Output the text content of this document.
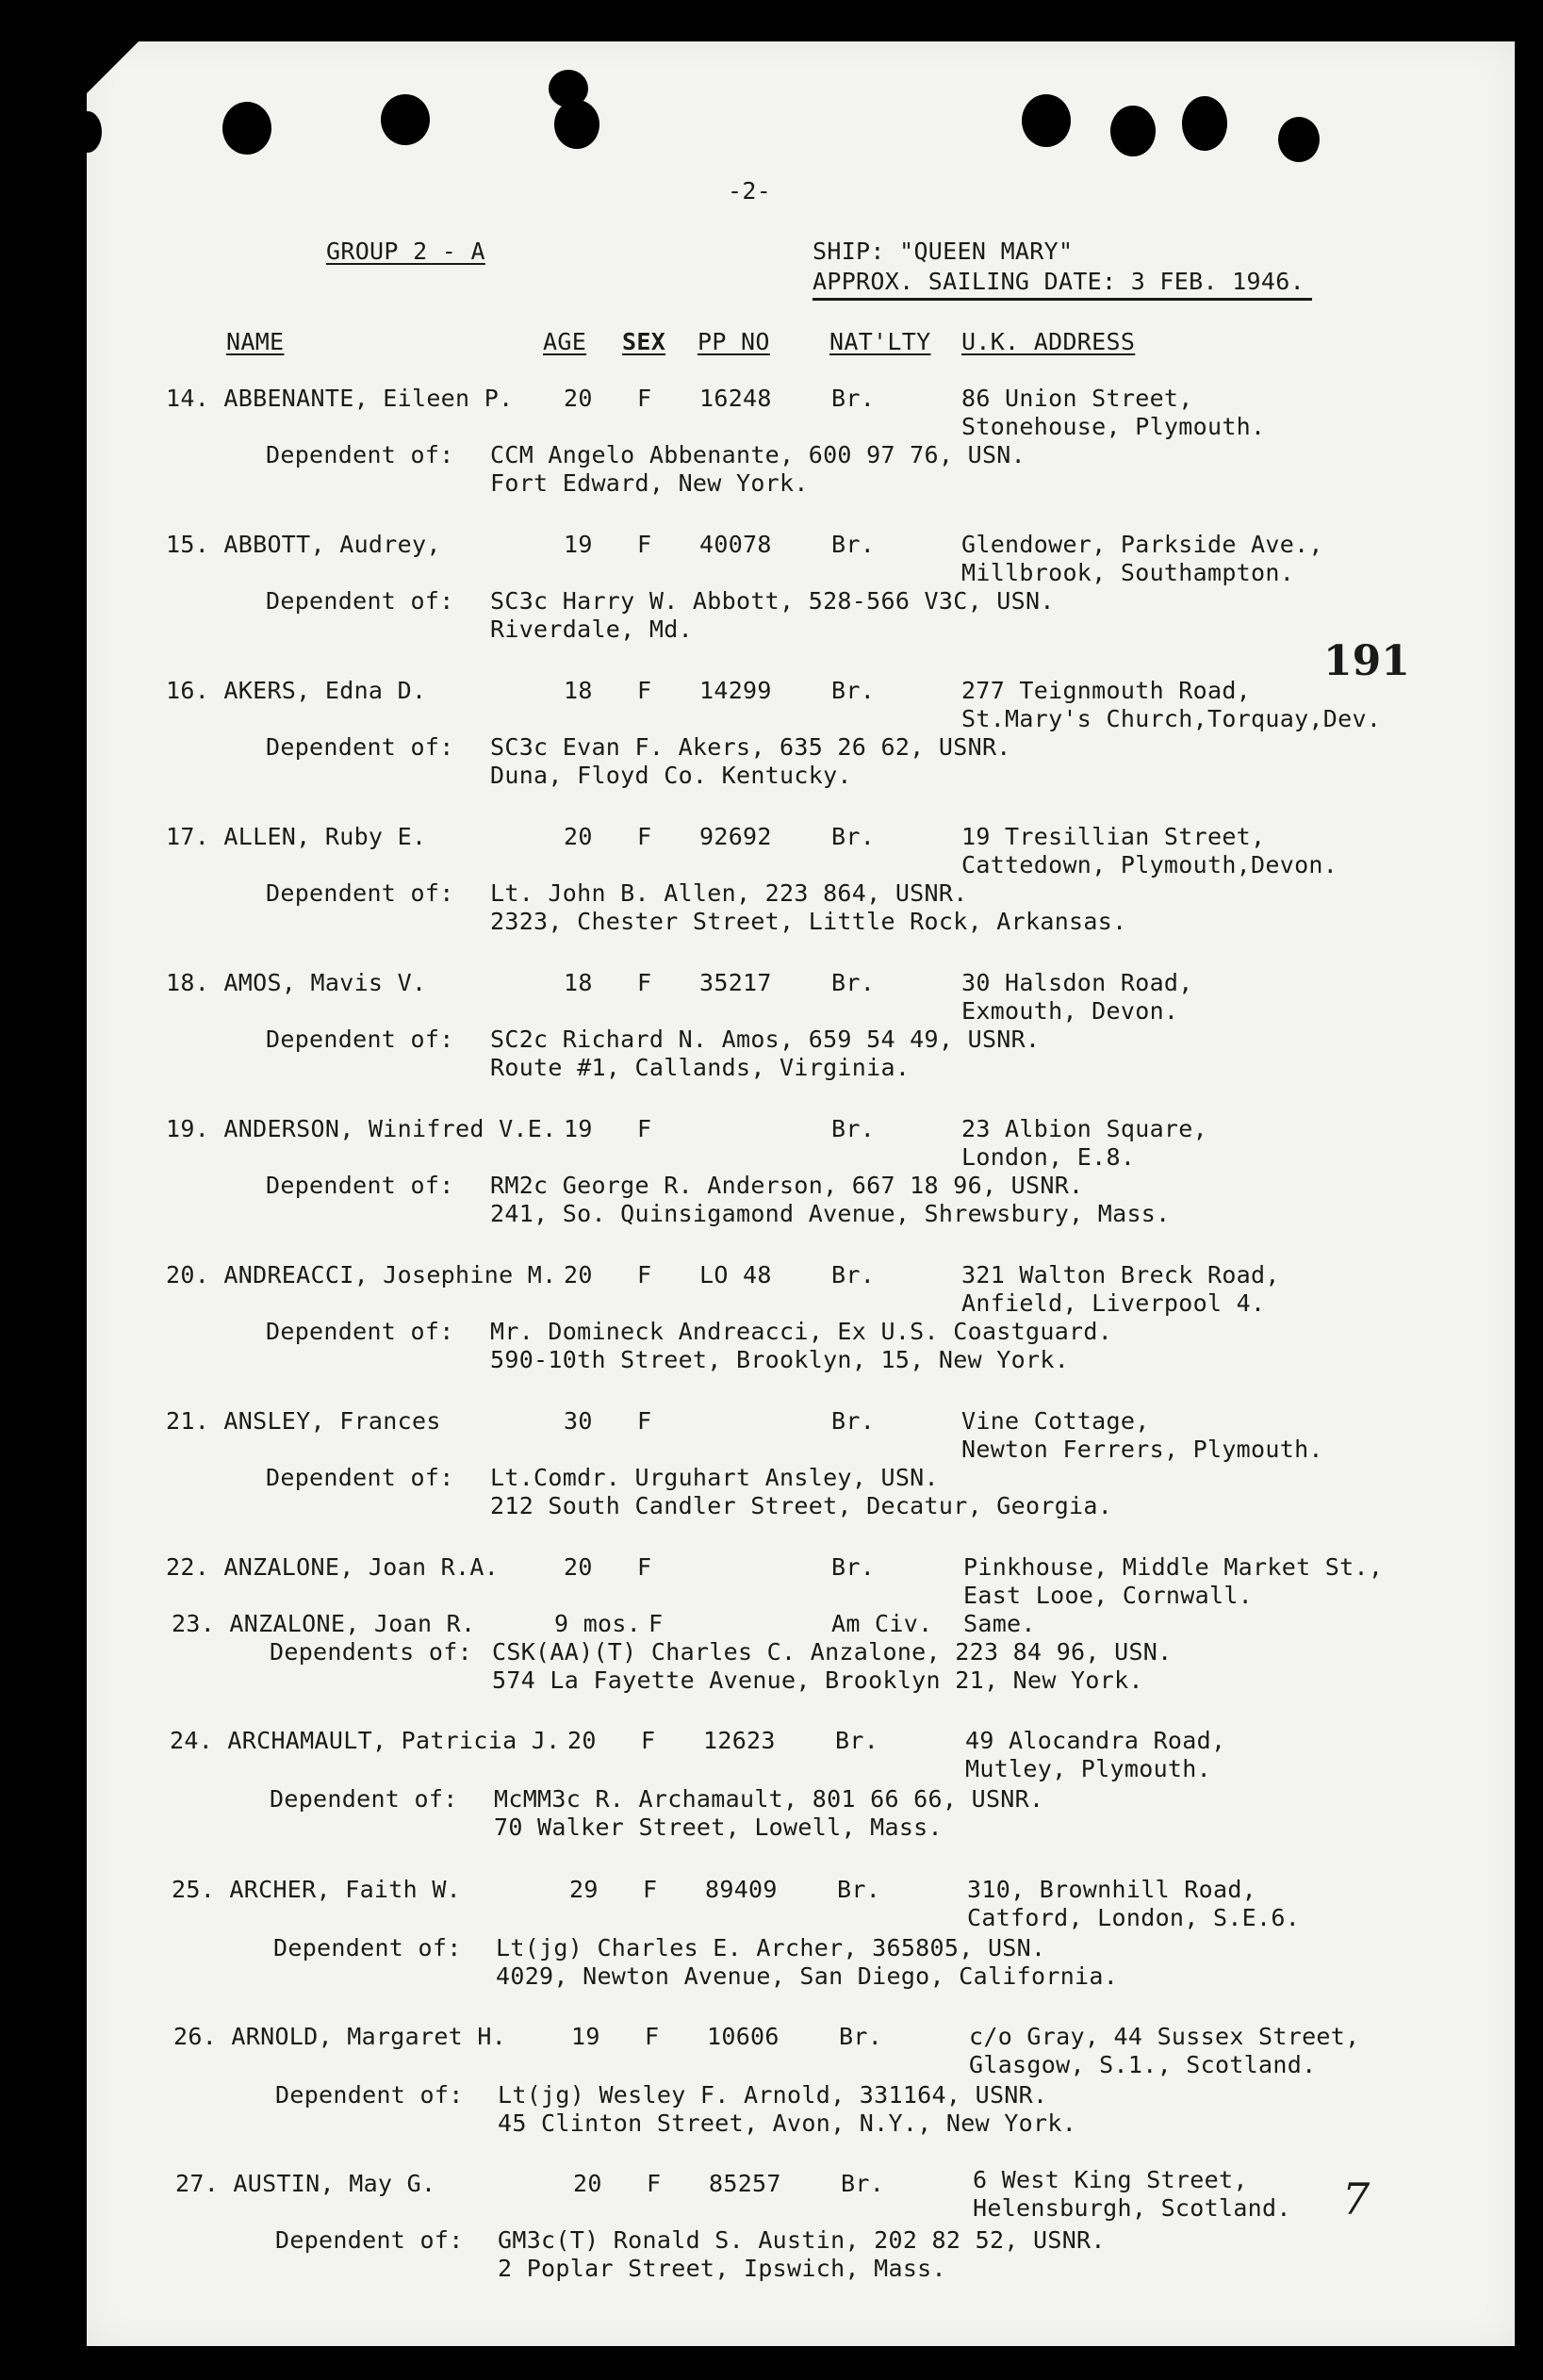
-2-
GROUP 2 - A	SHIP: "QUEEN MARY"
APPROX. SAILING DATE: 3 FEB. 1946.
NAME	AGE SEX PP NO	NAT'LTY U.K. ADDRESS
14. ABBENANTE, Eileen P. 20 F 16248	Br.	86 Union Street,
Stonehouse, Plymouth.
Dependent of: CCM Angelo Abbenante, 600 97 76, USN.
Fort Edward, New York.
15. ABBOTT, Audrey,	19 F 40078	Br.	Glendower, Parkside Ave.,
Millbrook, Southampton.
Dependent of: SC3c Harry W. Abbott, 528-566 V3C, USN.
Riverdale, Md.
16. AKERS, Edna D.	18 F 14299	Br.	277 Teignmouth Road,
St.Mary's Church,Torquay,Dev.
Dependent of: SC3c Evan F. Akers, 635 26 62, USNR.
Duna, Floyd Co. Kentucky.
17. ALLEN, Ruby E.	20 F 92692	Br.	19 Tresillian Street,
Cattedown, Plymouth,Devon.
Dependent of: Lt. John B. Allen, 223 864, USNR.
2323, Chester Street, Little Rock, Arkansas.
18. AMOS, Mavis V.	18 F 35217	Br.	30 Halsdon Road,
Exmouth, Devon.
Dependent of: SC2c Richard N. Amos, 659 54 49, USNR.
Route #1, Callands, Virginia.
19. ANDERSON, Winifred V.E. 19 F	Br.	23 Albion Square,
London, E.8.
Dependent of: RM2c George R. Anderson, 667 18 96, USNR.
241, So. Quinsigamond Avenue, Shrewsbury, Mass.
20. ANDREACCI, Josephine M. 20 F LO 48	Br.	321 Walton Breck Road,
Anfield, Liverpool 4.
Dependent of: Mr. Domineck Andreacci, Ex U.S. Coastguard.
590-10th Street, Brooklyn, 15, New York.
21. ANSLEY, Frances	30 F	Br.	Vine Cottage,
Newton Ferrers, Plymouth.
Dependent of: Lt.Comdr. Urguhart Ansley, USN.
212 South Candler Street, Decatur, Georgia.
22. ANZALONE, Joan R.A.	20 F	Br.	Pinkhouse, Middle Market St.,
East Looe, Cornwall.
23. ANZALONE, Joan R.	9 mos. F	Am Civ. Same.
Dependents of: CSK(AA)(T) Charles C. Anzalone, 223 84 96, USN.
574 La Fayette Avenue, Brooklyn 21, New York.
24. ARCHAMAULT, Patricia J. 20 F 12623	Br.	49 Alocandra Road,
Mutley, Plymouth.
Dependent of: McMM3c R. Archamault, 801 66 66, USNR.
70 Walker Street, Lowell, Mass.
25. ARCHER, Faith W.	29 F 89409	Br.	310, Brownhill Road,
Catford, London, S.E.6.
Dependent of: Lt(jg) Charles E. Archer, 365805, USN.
4029, Newton Avenue, San Diego, California.
26. ARNOLD, Margaret H.	19 F 10606	Br.	c/o Gray, 44 Sussex Street,
Glasgow, S.1., Scotland.
Dependent of: Lt(jg) Wesley F. Arnold, 331164, USNR.
45 Clinton Street, Avon, N.Y., New York.
27. AUSTIN, May G.	20 F 85257	Br.	6 West King Street,
Helensburgh, Scotland.
Dependent of: GM3c(T) Ronald S. Austin, 202 82 52, USNR.
2 Poplar Street, Ipswich, Mass.
191
7
